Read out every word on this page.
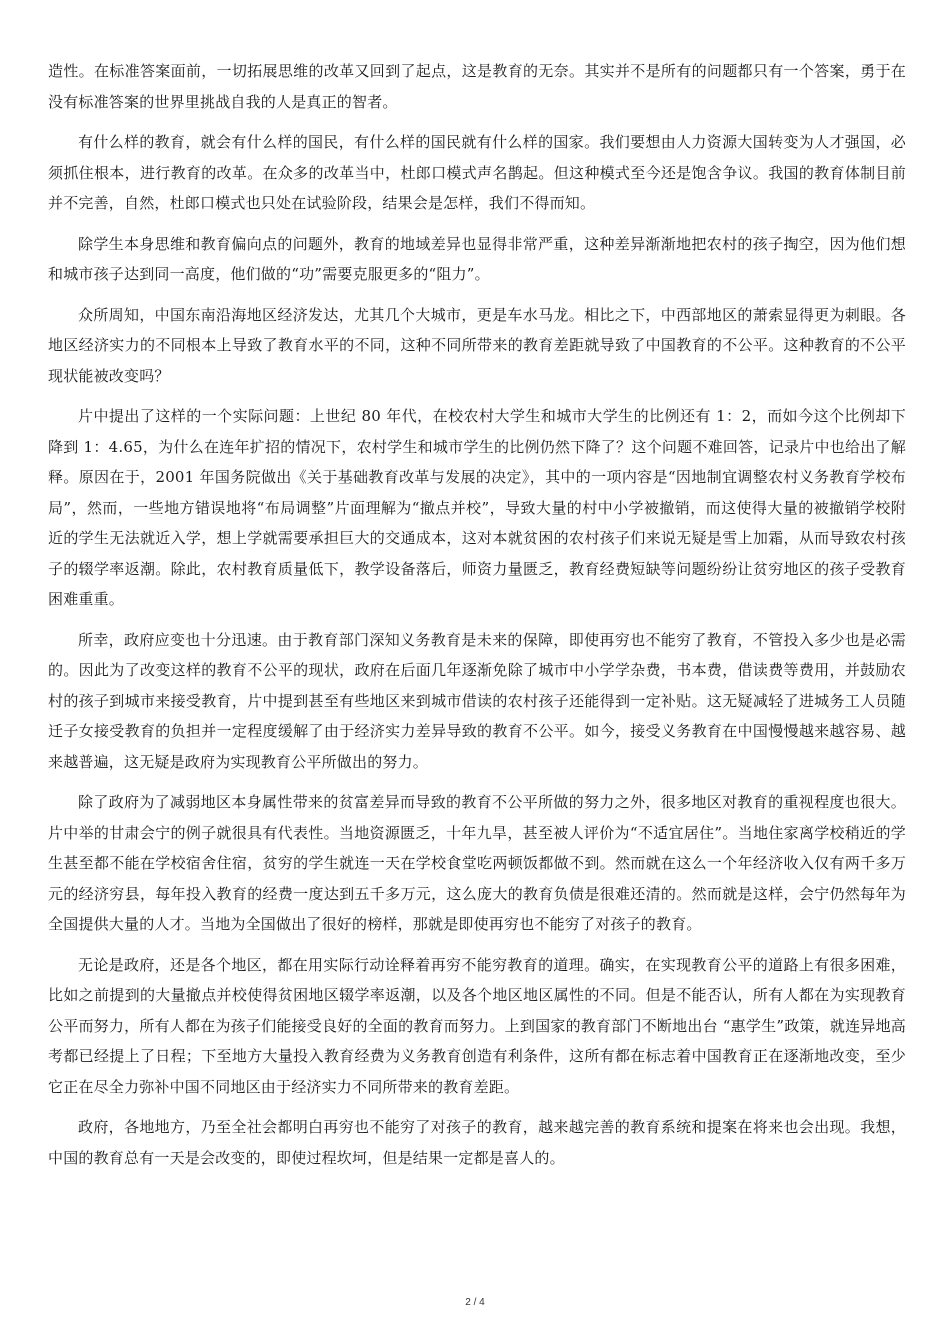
造性。在标准答案面前，一切拓展思维的改革又回到了起点，这是教育的无奈。其实并不是所有的问题都只有一个答案，勇于在没有标准答案的世界里挑战自我的人是真正的智者。

有什么样的教育，就会有什么样的国民，有什么样的国民就有什么样的国家。我们要想由人力资源大国转变为人才强国，必须抓住根本，进行教育的改革。在众多的改革当中，杜郎口模式声名鹊起。但这种模式至今还是饱含争议。我国的教育体制目前并不完善，自然，杜郎口模式也只处在试验阶段，结果会是怎样，我们不得而知。

除学生本身思维和教育偏向点的问题外，教育的地域差异也显得非常严重，这种差异渐渐地把农村的孩子掏空，因为他们想和城市孩子达到同一高度，他们做的“功”需要克服更多的“阻力”。

众所周知，中国东南沿海地区经济发达，尤其几个大城市，更是车水马龙。相比之下，中西部地区的萧索显得更为刺眼。各地区经济实力的不同根本上导致了教育水平的不同，这种不同所带来的教育差距就导致了中国教育的不公平。这种教育的不公平现状能被改变吗？

片中提出了这样的一个实际问题：上世纪 80 年代，在校农村大学生和城市大学生的比例还有 1：2，而如今这个比例却下降到 1：4.65，为什么在连年扩招的情况下，农村学生和城市学生的比例仍然下降了？这个问题不难回答，记录片中也给出了解释。原因在于，2001 年国务院做出《关于基础教育改革与发展的决定》，其中的一项内容是“因地制宜调整农村义务教育学校布局”，然而，一些地方错误地将“布局调整”片面理解为“撤点并校”，导致大量的村中小学被撤销，而这使得大量的被撤销学校附近的学生无法就近入学，想上学就需要承担巨大的交通成本，这对本就贫困的农村孩子们来说无疑是雪上加霜，从而导致农村孩子的辍学率返潮。除此，农村教育质量低下，教学设备落后，师资力量匮乏，教育经费短缺等问题纷纷让贫穷地区的孩子受教育困难重重。

所幸，政府应变也十分迅速。由于教育部门深知义务教育是未来的保障，即使再穷也不能穷了教育，不管投入多少也是必需的。因此为了改变这样的教育不公平的现状，政府在后面几年逐渐免除了城市中小学学杂费，书本费，借读费等费用，并鼓励农村的孩子到城市来接受教育，片中提到甚至有些地区来到城市借读的农村孩子还能得到一定补贴。这无疑减轻了进城务工人员随迁子女接受教育的负担并一定程度缓解了由于经济实力差异导致的教育不公平。如今，接受义务教育在中国慢慢越来越容易、越来越普遍，这无疑是政府为实现教育公平所做出的努力。

除了政府为了减弱地区本身属性带来的贫富差异而导致的教育不公平所做的努力之外，很多地区对教育的重视程度也很大。片中举的甘肃会宁的例子就很具有代表性。当地资源匮乏，十年九旱，甚至被人评价为“不适宜居住”。当地住家离学校稍近的学生甚至都不能在学校宿舍住宿，贫穷的学生就连一天在学校食堂吃两顿饭都做不到。然而就在这么一个年经济收入仅有两千多万元的经济穷县，每年投入教育的经费一度达到五千多万元，这么庞大的教育负债是很难还清的。然而就是这样，会宁仍然每年为全国提供大量的人才。当地为全国做出了很好的榜样，那就是即使再穷也不能穷了对孩子的教育。

无论是政府，还是各个地区，都在用实际行动诠释着再穷不能穷教育的道理。确实，在实现教育公平的道路上有很多困难，比如之前提到的大量撤点并校使得贫困地区辍学率返潮，以及各个地区地区属性的不同。但是不能否认，所有人都在为实现教育公平而努力，所有人都在为孩子们能接受良好的全面的教育而努力。上到国家的教育部门不断地出台 “惠学生”政策，就连异地高考都已经提上了日程；下至地方大量投入教育经费为义务教育创造有利条件，这所有都在标志着中国教育正在逐渐地改变，至少它正在尽全力弥补中国不同地区由于经济实力不同所带来的教育差距。

政府，各地地方，乃至全社会都明白再穷也不能穷了对孩子的教育，越来越完善的教育系统和提案在将来也会出现。我想，中国的教育总有一天是会改变的，即使过程坎坷，但是结果一定都是喜人的。

2 / 4
